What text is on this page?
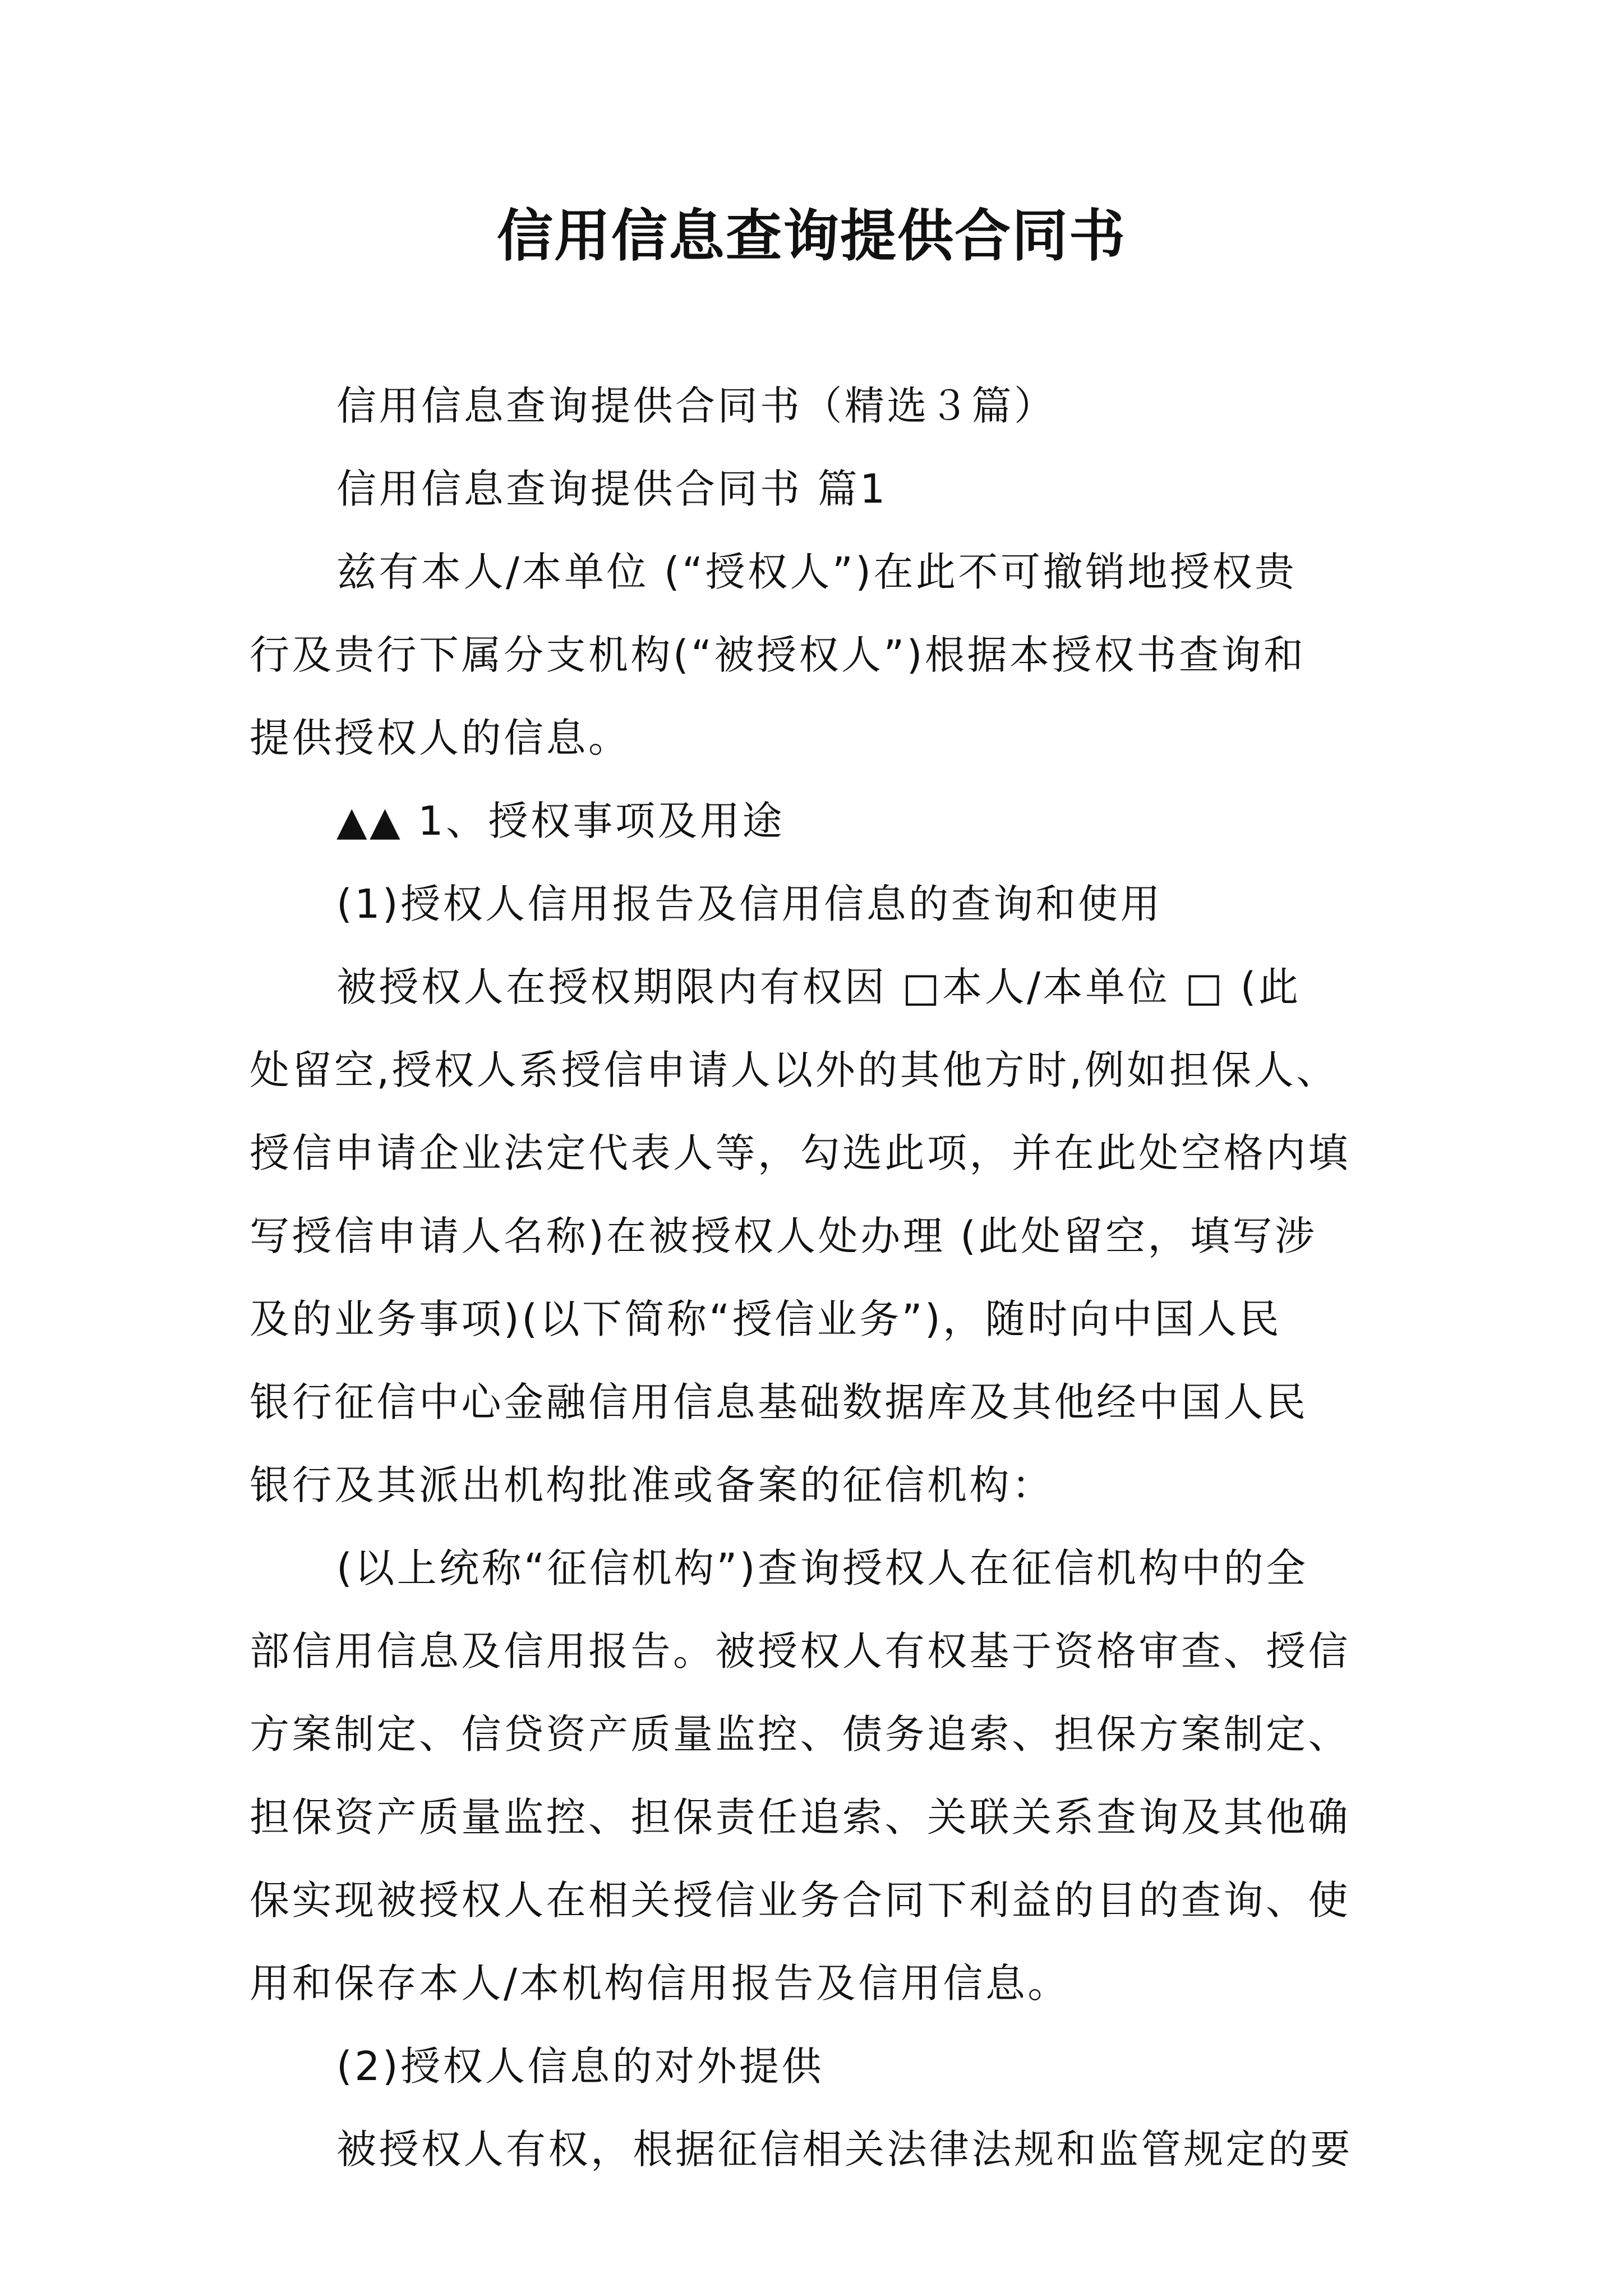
信用信息查询提供合同书

信用信息查询提供合同书（精选３篇）

信用信息查询提供合同书 篇1

兹有本人/本单位 (“授权人”)在此不可撤销地授权贵
行及贵行下属分支机构(“被授权人”)根据本授权书查询和
提供授权人的信息。

▲▲ 1、授权事项及用途

(1)授权人信用报告及信用信息的查询和使用

被授权人在授权期限内有权因 □本人/本单位 □ (此
处留空,授权人系授信申请人以外的其他方时,例如担保人、
授信申请企业法定代表人等，勾选此项，并在此处空格内填
写授信申请人名称)在被授权人处办理 (此处留空，填写涉
及的业务事项)(以下简称“授信业务”)，随时向中国人民
银行征信中心金融信用信息基础数据库及其他经中国人民
银行及其派出机构批准或备案的征信机构：

(以上统称“征信机构”)查询授权人在征信机构中的全
部信用信息及信用报告。被授权人有权基于资格审查、授信
方案制定、信贷资产质量监控、债务追索、担保方案制定、
担保资产质量监控、担保责任追索、关联关系查询及其他确
保实现被授权人在相关授信业务合同下利益的目的查询、使
用和保存本人/本机构信用报告及信用信息。

(2)授权人信息的对外提供

被授权人有权，根据征信相关法律法规和监管规定的要
